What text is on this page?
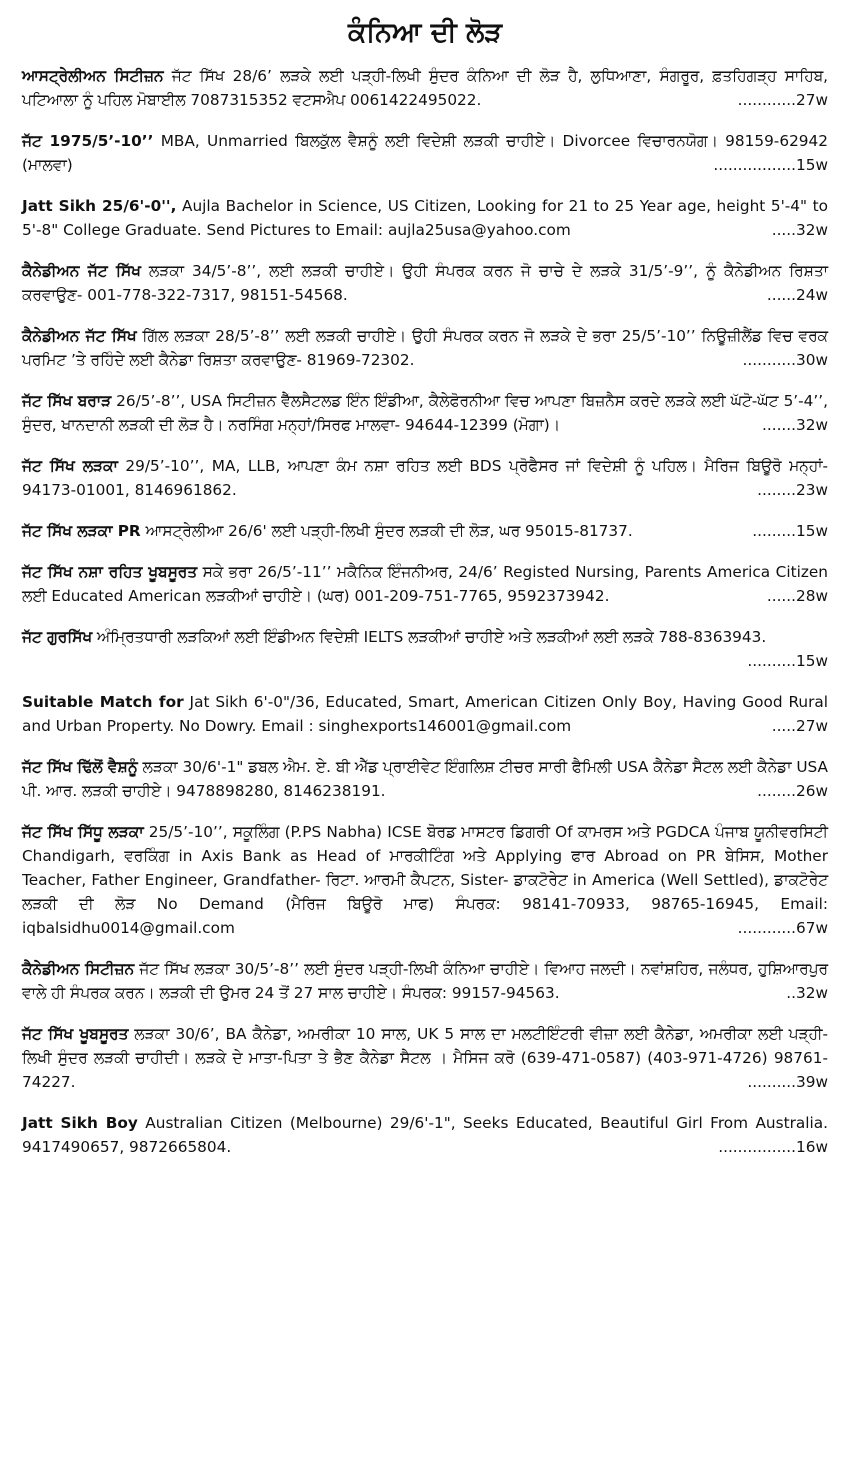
ਕੰਨਿਆ ਦੀ ਲੋੜ
ਆਸਟ੍ਰੇਲੀਅਨ ਸਿਟੀਜ਼ਨ ਜੱਟ ਸਿੱਖ 28/6’ ਲੜਕੇ ਲਈ ਪੜ੍ਹੀ-ਲਿਖੀ ਸੁੰਦਰ ਕੰਨਿਆ ਦੀ ਲੋੜ ਹੈ, ਲੁਧਿਆਣਾ, ਸੰਗਰੂਰ, ਫ਼ਤਹਿਗੜ੍ਹ ਸਾਹਿਬ, ਪਟਿਆਲਾ ਨੂੰ ਪਹਿਲ ਮੋਬਾਈਲ 7087315352 ਵਟਸਐਪ 0061422495022.	............27w
ਜੱਟ 1975/5’-10’’ MBA, Unmarried ਬਿਲਕੁੱਲ ਵੈਸ਼ਨੂੰ ਲਈ ਵਿਦੇਸ਼ੀ ਲੜਕੀ ਚਾਹੀਏ। Divorcee ਵਿਚਾਰਨਯੋਗ। 98159-62942 (ਮਾਲਵਾ)	.................15w
Jatt Sikh 25/6'-0'', Aujla Bachelor in Science, US Citizen, Looking for 21 to 25 Year age, height 5'-4" to 5'-8" College Graduate. Send Pictures to Email: aujla25usa@yahoo.com	.....32w
ਕੈਨੇਡੀਅਨ ਜੱਟ ਸਿੱਖ ਲੜਕਾ 34/5’-8’’, ਲਈ ਲੜਕੀ ਚਾਹੀਏ। ਉਹੀ ਸੰਪਰਕ ਕਰਨ ਜੋ ਚਾਚੇ ਦੇ ਲੜਕੇ 31/5’-9’’, ਨੂੰ ਕੈਨੇਡੀਅਨ ਰਿਸ਼ਤਾ ਕਰਵਾਉਣ- 001-778-322-7317, 98151-54568.	......24w
ਕੈਨੇਡੀਅਨ ਜੱਟ ਸਿੱਖ ਗਿੱਲ ਲੜਕਾ 28/5’-8’’ ਲਈ ਲੜਕੀ ਚਾਹੀਏ। ਉਹੀ ਸੰਪਰਕ ਕਰਨ ਜੋ ਲੜਕੇ ਦੇ ਭਰਾ 25/5’-10’’ ਨਿਊਜ਼ੀਲੈਂਡ ਵਿਚ ਵਰਕ ਪਰਮਿਟ ’ਤੇ ਰਹਿੰਦੇ ਲਈ ਕੈਨੇਡਾ ਰਿਸ਼ਤਾ ਕਰਵਾਉਣ- 81969-72302.	...........30w
ਜੱਟ ਸਿੱਖ ਬਰਾੜ 26/5’-8’’, USA ਸਿਟੀਜ਼ਨ ਵੈੱਲਸੈਟਲਡ ਇੰਨ ਇੰਡੀਆ, ਕੈਲੇਫੋਰਨੀਆ ਵਿਚ ਆਪਣਾ ਬਿਜ਼ਨੈਸ ਕਰਦੇ ਲੜਕੇ ਲਈ ਘੱਟੋ-ਘੱਟ 5’-4’’, ਸੁੰਦਰ, ਖਾਨਦਾਨੀ ਲੜਕੀ ਦੀ ਲੋੜ ਹੈ। ਨਰਸਿੰਗ ਮਨ੍ਹਾਂ/ਸਿਰਫ ਮਾਲਵਾ- 94644-12399 (ਮੋਗਾ)।	.......32w
ਜੱਟ ਸਿੱਖ ਲੜਕਾ 29/5’-10’’, MA, LLB, ਆਪਣਾ ਕੰਮ ਨਸ਼ਾ ਰਹਿਤ ਲਈ BDS ਪ੍ਰੋਫੈਸਰ ਜਾਂ ਵਿਦੇਸ਼ੀ ਨੂੰ ਪਹਿਲ। ਮੈਰਿਜ ਬਿਊਰੋ ਮਨ੍ਹਾਂ- 94173-01001, 8146961862.	........23w
ਜੱਟ ਸਿੱਖ ਲੜਕਾ PR ਆਸਟ੍ਰੇਲੀਆ 26/6' ਲਈ ਪੜ੍ਹੀ-ਲਿਖੀ ਸੁੰਦਰ ਲੜਕੀ ਦੀ ਲੋੜ, ਘਰ 95015-81737.	.........15w
ਜੱਟ ਸਿੱਖ ਨਸ਼ਾ ਰਹਿਤ ਖੂਬਸੂਰਤ ਸਕੇ ਭਰਾ 26/5’-11’’ ਮਕੈਨਿਕ ਇੰਜਨੀਅਰ, 24/6’ Registed Nursing, Parents America Citizen ਲਈ Educated American ਲੜਕੀਆਂ ਚਾਹੀਏ। (ਘਰ) 001-209-751-7765, 9592373942.	......28w
ਜੱਟ ਗੁਰਸਿੱਖ ਅੰਮ੍ਰਿਤਧਾਰੀ ਲੜਕਿਆਂ ਲਈ ਇੰਡੀਅਨ ਵਿਦੇਸ਼ੀ IELTS ਲੜਕੀਆਂ ਚਾਹੀਏ ਅਤੇ ਲੜਕੀਆਂ ਲਈ ਲੜਕੇ 788-8363943.
..........15w
Suitable Match for Jat Sikh 6'-0"/36, Educated, Smart, American Citizen Only Boy, Having Good Rural and Urban Property. No Dowry. Email : singhexports146001@gmail.com	.....27w
ਜੱਟ ਸਿੱਖ ਢਿੱਲੋਂ ਵੈਸ਼ਨੂੰ ਲੜਕਾ 30/6'-1" ਡਬਲ ਐਮ. ਏ. ਬੀ ਐੱਡ ਪ੍ਰਾਈਵੇਟ ਇੰਗਲਿਸ਼ ਟੀਚਰ ਸਾਰੀ ਫੈਮਿਲੀ USA ਕੈਨੇਡਾ ਸੈਟਲ ਲਈ ਕੈਨੇਡਾ USA ਪੀ. ਆਰ. ਲੜਕੀ ਚਾਹੀਏ। 9478898280, 8146238191.	........26w
ਜੱਟ ਸਿੱਖ ਸਿੱਧੂ ਲੜਕਾ 25/5’-10’’, ਸਕੂਲਿੰਗ (P.PS Nabha) ICSE ਬੋਰਡ ਮਾਸਟਰ ਡਿਗਰੀ Of ਕਾਮਰਸ ਅਤੇ PGDCA ਪੰਜਾਬ ਯੂਨੀਵਰਸਿਟੀ Chandigarh, ਵਰਕਿੰਗ in Axis Bank as Head of ਮਾਰਕੀਟਿੰਗ ਅਤੇ Applying ਫਾਰ Abroad on PR ਬੇਸਿਸ, Mother Teacher, Father Engineer, Grandfather- ਰਿਟਾ. ਆਰਮੀ ਕੈਪਟਨ, Sister- ਡਾਕਟੋਰੇਟ in America (Well Settled), ਡਾਕਟੋਰੇਟ ਲੜਕੀ ਦੀ ਲੋੜ No Demand (ਮੈਰਿਜ ਬਿਊਰੋ ਮਾਫ) ਸੰਪਰਕ: 98141-70933, 98765-16945, Email: iqbalsidhu0014@gmail.com	............67w
ਕੈਨੇਡੀਅਨ ਸਿਟੀਜ਼ਨ ਜੱਟ ਸਿੱਖ ਲੜਕਾ 30/5’-8’’ ਲਈ ਸੁੰਦਰ ਪੜ੍ਹੀ-ਲਿਖੀ ਕੰਨਿਆ ਚਾਹੀਏ। ਵਿਆਹ ਜਲਦੀ। ਨਵਾਂਸ਼ਹਿਰ, ਜਲੰਧਰ, ਹੁਸ਼ਿਆਰਪੁਰ ਵਾਲੇ ਹੀ ਸੰਪਰਕ ਕਰਨ। ਲੜਕੀ ਦੀ ਉਮਰ 24 ਤੋਂ 27 ਸਾਲ ਚਾਹੀਏ। ਸੰਪਰਕ: 99157-94563.	..32w
ਜੱਟ ਸਿੱਖ ਖੂਬਸੂਰਤ ਲੜਕਾ 30/6’, BA ਕੈਨੇਡਾ, ਅਮਰੀਕਾ 10 ਸਾਲ, UK 5 ਸਾਲ ਦਾ ਮਲਟੀਇੰਟਰੀ ਵੀਜ਼ਾ ਲਈ ਕੈਨੇਡਾ, ਅਮਰੀਕਾ ਲਈ ਪੜ੍ਹੀ-ਲਿਖੀ ਸੁੰਦਰ ਲੜਕੀ ਚਾਹੀਦੀ। ਲੜਕੇ ਦੇ ਮਾਤਾ-ਪਿਤਾ ਤੇ ਭੈਣ ਕੈਨੇਡਾ ਸੈਟਲ । ਮੈਸਿਜ ਕਰੋ (639-471-0587) (403-971-4726) 98761-74227.	..........39w
Jatt Sikh Boy Australian Citizen (Melbourne) 29/6'-1", Seeks Educated, Beautiful Girl From Australia. 9417490657, 9872665804.	................16w
